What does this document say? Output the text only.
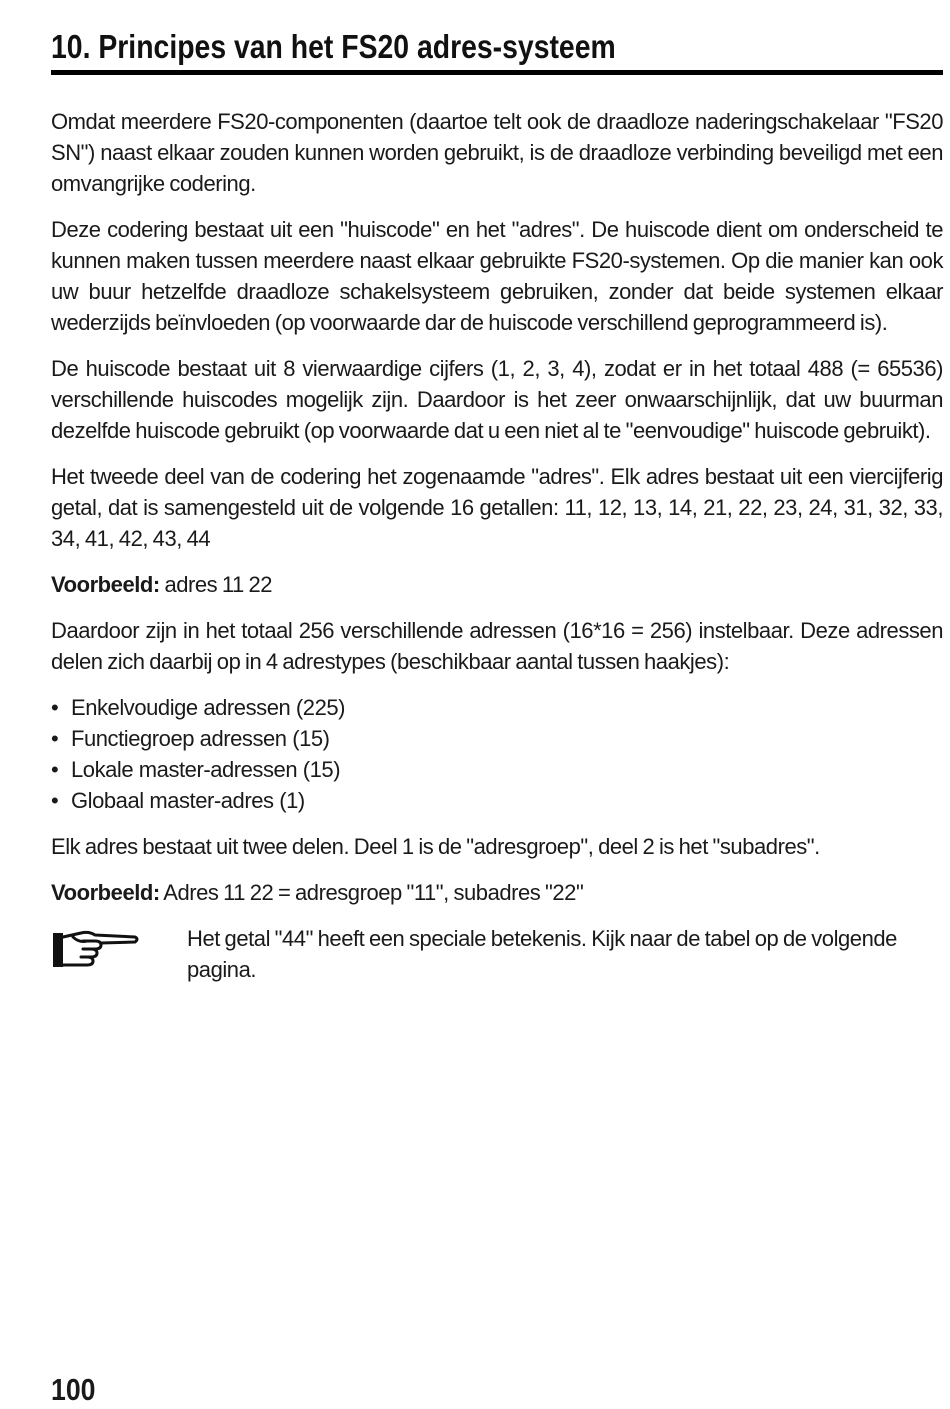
10. Principes van het FS20 adres-systeem

Omdat meerdere FS20-componenten (daartoe telt ook de draadloze naderingschakelaar "FS20 SN") naast elkaar zouden kunnen worden gebruikt, is de draadloze verbinding beveiligd met een omvangrijke codering.

Deze codering bestaat uit een "huiscode" en het "adres". De huiscode dient om onderscheid te kunnen maken tussen meerdere naast elkaar gebruikte FS20-systemen. Op die manier kan ook uw buur hetzelfde draadloze schakelsysteem gebruiken, zonder dat beide systemen elkaar wederzijds beïnvloeden (op voorwaarde dar de huiscode verschillend geprogrammeerd is).

De huiscode bestaat uit 8 vierwaardige cijfers (1, 2, 3, 4), zodat er in het totaal 488 (= 65536) verschillende huiscodes mogelijk zijn. Daardoor is het zeer onwaarschijnlijk, dat uw buurman dezelfde huiscode gebruikt (op voorwaarde dat u een niet al te "eenvoudige" huiscode gebruikt).

Het tweede deel van de codering het zogenaamde "adres". Elk adres bestaat uit een viercijferig getal, dat is samengesteld uit de volgende 16 getallen: 11, 12, 13, 14, 21, 22, 23, 24, 31, 32, 33, 34, 41, 42, 43, 44

Voorbeeld: adres 11 22

Daardoor zijn in het totaal 256 verschillende adressen (16*16 = 256) instelbaar. Deze adressen delen zich daarbij op in 4 adrestypes (beschikbaar aantal tussen haakjes):

• Enkelvoudige adressen (225)
• Functiegroep adressen (15)
• Lokale master-adressen (15)
• Globaal master-adres (1)

Elk adres bestaat uit twee delen. Deel 1 is de "adresgroep", deel 2 is het "subadres".

Voorbeeld: Adres 11 22 = adresgroep "11", subadres "22"

Het getal "44" heeft een speciale betekenis. Kijk naar de tabel op de volgende pagina.

100
